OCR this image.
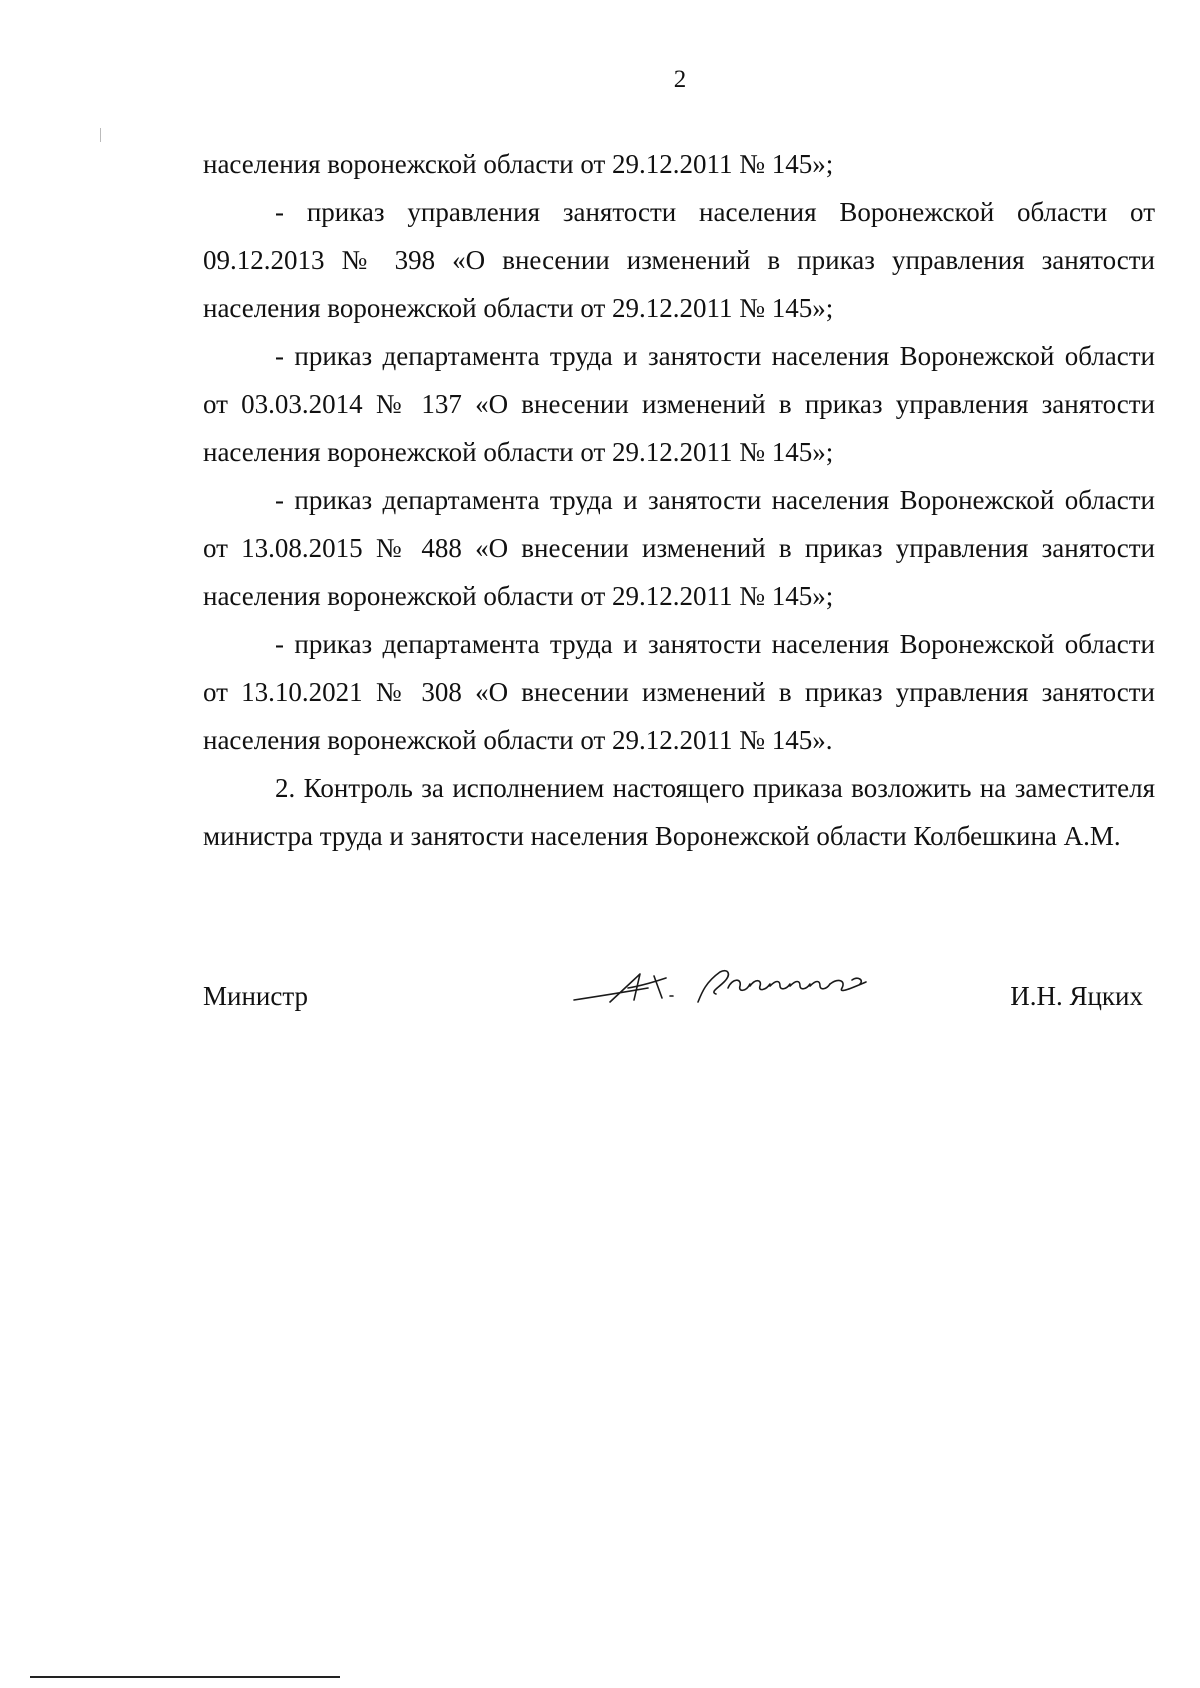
2

населения воронежской области от 29.12.2011 № 145»;

- приказ управления занятости населения Воронежской области от 09.12.2013 № 398 «О внесении изменений в приказ управления занятости населения воронежской области от 29.12.2011 № 145»;

- приказ департамента труда и занятости населения Воронежской области от 03.03.2014 № 137 «О внесении изменений в приказ управления занятости населения воронежской области от 29.12.2011 № 145»;

- приказ департамента труда и занятости населения Воронежской области от 13.08.2015 № 488 «О внесении изменений в приказ управления занятости населения воронежской области от 29.12.2011 № 145»;

- приказ департамента труда и занятости населения Воронежской области от 13.10.2021 № 308 «О внесении изменений в приказ управления занятости населения воронежской области от 29.12.2011 № 145».

2. Контроль за исполнением настоящего приказа возложить на заместителя министра труда и занятости населения Воронежской области Колбешкина А.М.

Министр	И.Н. Яцких
